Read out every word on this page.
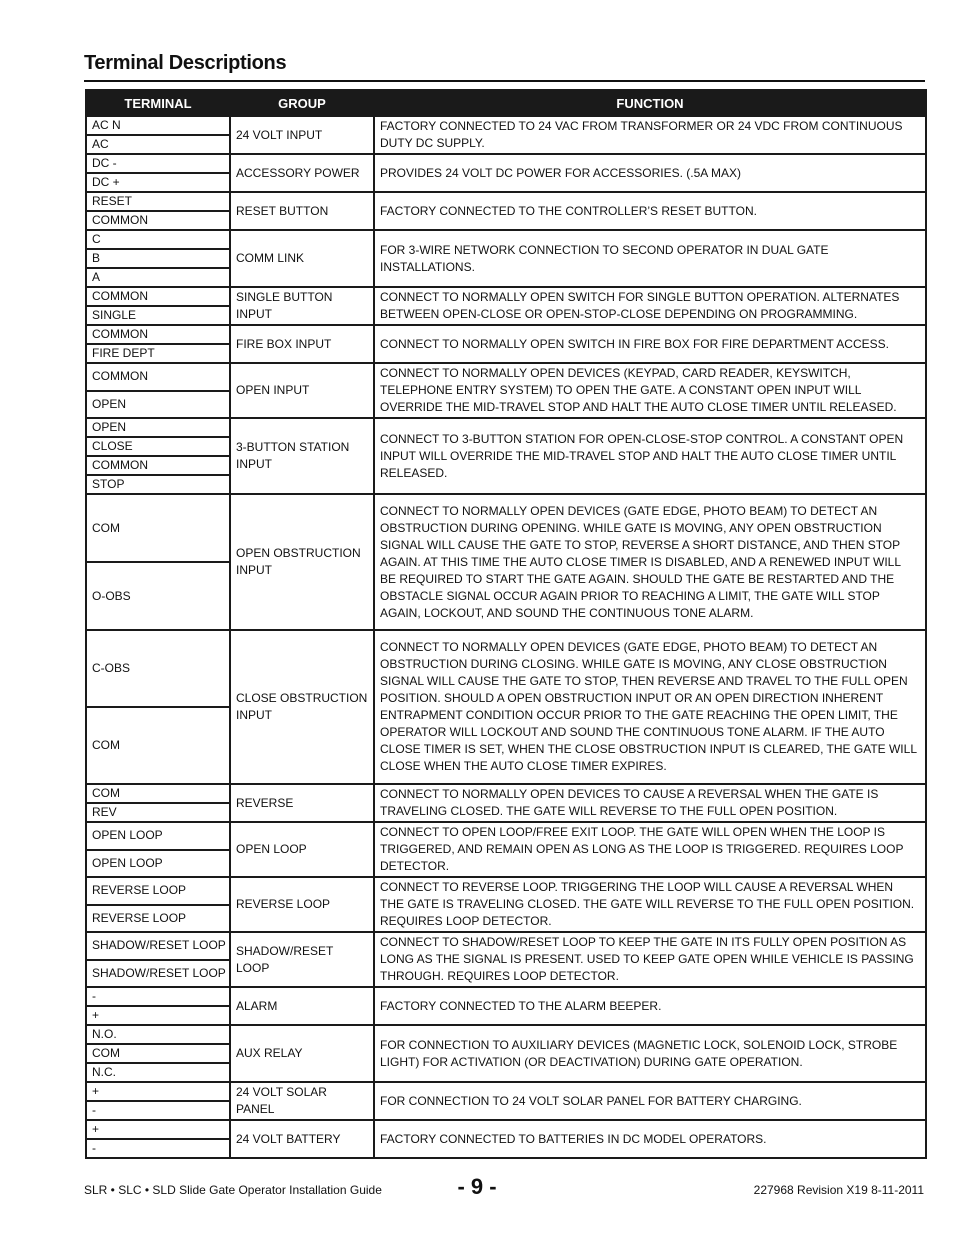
Terminal Descriptions
TERMINAL	GROUP	FUNCTION
AC N	24 VOLT INPUT	FACTORY CONNECTED TO 24 VAC FROM TRANSFORMER OR 24 VDC FROM CONTINUOUS DUTY DC SUPPLY.
AC		
DC -	ACCESSORY POWER	PROVIDES 24 VOLT DC POWER FOR ACCESSORIES. (.5A MAX)
DC +		
RESET	RESET BUTTON	FACTORY CONNECTED TO THE CONTROLLER’S RESET BUTTON.
COMMON		
C	COMM LINK	FOR 3-WIRE NETWORK CONNECTION TO SECOND OPERATOR IN DUAL GATE INSTALLATIONS.
B		
A		
COMMON	SINGLE BUTTON INPUT	CONNECT TO NORMALLY OPEN SWITCH FOR SINGLE BUTTON OPERATION. ALTERNATES BETWEEN OPEN-CLOSE OR OPEN-STOP-CLOSE DEPENDING ON PROGRAMMING.
SINGLE		
COMMON	FIRE BOX INPUT	CONNECT TO NORMALLY OPEN SWITCH IN FIRE BOX FOR FIRE DEPARTMENT ACCESS.
FIRE DEPT		
COMMON	OPEN INPUT	CONNECT TO NORMALLY OPEN DEVICES (KEYPAD, CARD READER, KEYSWITCH, TELEPHONE ENTRY SYSTEM) TO OPEN THE GATE. A CONSTANT OPEN INPUT WILL OVERRIDE THE MID-TRAVEL STOP AND HALT THE AUTO CLOSE TIMER UNTIL RELEASED.
OPEN		
OPEN	3-BUTTON STATION INPUT	CONNECT TO 3-BUTTON STATION FOR OPEN-CLOSE-STOP CONTROL. A CONSTANT OPEN INPUT WILL OVERRIDE THE MID-TRAVEL STOP AND HALT THE AUTO CLOSE TIMER UNTIL RELEASED.
CLOSE		
COMMON		
STOP		
COM	OPEN OBSTRUCTION INPUT	CONNECT TO NORMALLY OPEN DEVICES (GATE EDGE, PHOTO BEAM) TO DETECT AN OBSTRUCTION DURING OPENING. WHILE GATE IS MOVING, ANY OPEN OBSTRUCTION SIGNAL WILL CAUSE THE GATE TO STOP, REVERSE A SHORT DISTANCE, AND THEN STOP AGAIN. AT THIS TIME THE AUTO CLOSE TIMER IS DISABLED, AND A RENEWED INPUT WILL BE REQUIRED TO START THE GATE AGAIN. SHOULD THE GATE BE RESTARTED AND THE OBSTACLE SIGNAL OCCUR AGAIN PRIOR TO REACHING A LIMIT, THE GATE WILL STOP AGAIN, LOCKOUT, AND SOUND THE CONTINUOUS TONE ALARM.
O-OBS		
C-OBS	CLOSE OBSTRUCTION INPUT	CONNECT TO NORMALLY OPEN DEVICES (GATE EDGE, PHOTO BEAM) TO DETECT AN OBSTRUCTION DURING CLOSING. WHILE GATE IS MOVING, ANY CLOSE OBSTRUCTION SIGNAL WILL CAUSE THE GATE TO STOP, THEN REVERSE AND TRAVEL TO THE FULL OPEN POSITION. SHOULD A OPEN OBSTRUCTION INPUT OR AN OPEN DIRECTION INHERENT ENTRAPMENT CONDITION OCCUR PRIOR TO THE GATE REACHING THE OPEN LIMIT, THE OPERATOR WILL LOCKOUT AND SOUND THE CONTINUOUS TONE ALARM. IF THE AUTO CLOSE TIMER IS SET, WHEN THE CLOSE OBSTRUCTION INPUT IS CLEARED, THE GATE WILL CLOSE WHEN THE AUTO CLOSE TIMER EXPIRES.
COM		
COM	REVERSE	CONNECT TO NORMALLY OPEN DEVICES TO CAUSE A REVERSAL WHEN THE GATE IS TRAVELING CLOSED. THE GATE WILL REVERSE TO THE FULL OPEN POSITION.
REV		
OPEN LOOP	OPEN LOOP	CONNECT TO OPEN LOOP/FREE EXIT LOOP. THE GATE WILL OPEN WHEN THE LOOP IS TRIGGERED, AND REMAIN OPEN AS LONG AS THE LOOP IS TRIGGERED. REQUIRES LOOP DETECTOR.
OPEN LOOP		
REVERSE LOOP	REVERSE LOOP	CONNECT TO REVERSE LOOP. TRIGGERING THE LOOP WILL CAUSE A REVERSAL WHEN THE GATE IS TRAVELING CLOSED. THE GATE WILL REVERSE TO THE FULL OPEN POSITION. REQUIRES LOOP DETECTOR.
REVERSE LOOP		
SHADOW/RESET LOOP	SHADOW/RESET LOOP	CONNECT TO SHADOW/RESET LOOP TO KEEP THE GATE IN ITS FULLY OPEN POSITION AS LONG AS THE SIGNAL IS PRESENT. USED TO KEEP GATE OPEN WHILE VEHICLE IS PASSING THROUGH. REQUIRES LOOP DETECTOR.
SHADOW/RESET LOOP		
-	ALARM	FACTORY CONNECTED TO THE ALARM BEEPER.
+		
N.O.	AUX RELAY	FOR CONNECTION TO AUXILIARY DEVICES (MAGNETIC LOCK, SOLENOID LOCK, STROBE LIGHT) FOR ACTIVATION (OR DEACTIVATION) DURING GATE OPERATION.
COM		
N.C.		
+	24 VOLT SOLAR PANEL	FOR CONNECTION TO 24 VOLT SOLAR PANEL FOR BATTERY CHARGING.
-		
+	24 VOLT BATTERY	FACTORY CONNECTED TO BATTERIES IN DC MODEL OPERATORS.
-		
SLR • SLC • SLD Slide Gate Operator Installation Guide	- 9 -	227968 Revision X19 8-11-2011
